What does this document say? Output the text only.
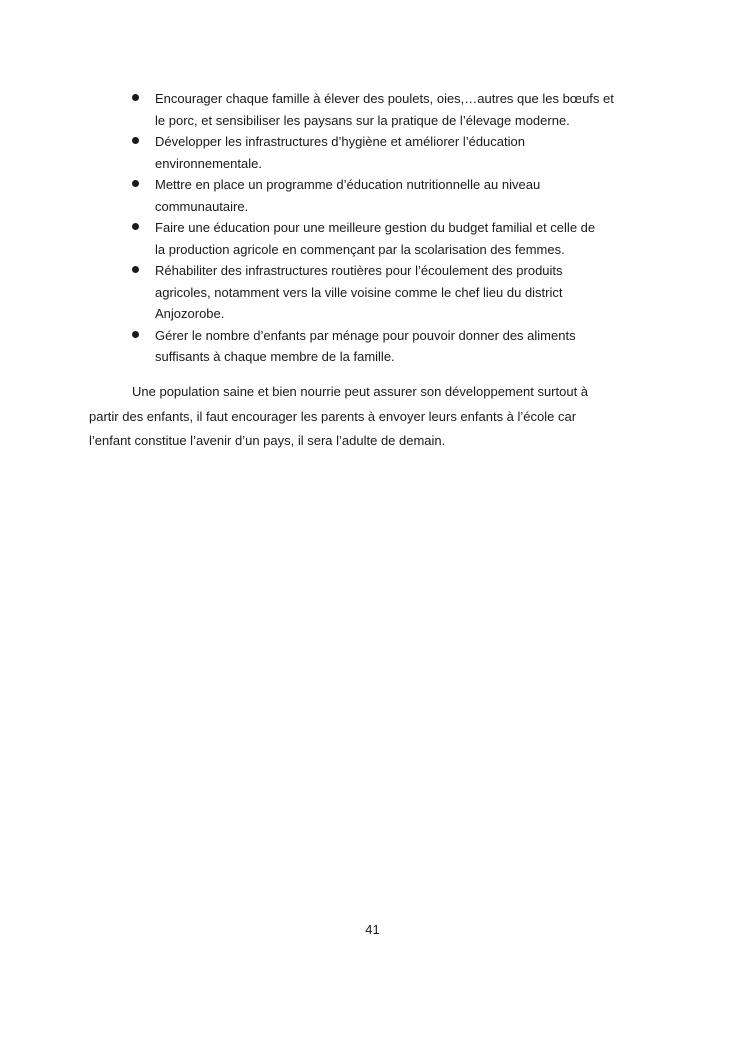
Encourager chaque famille à élever des poulets, oies,…autres que les bœufs et
le porc, et sensibiliser les paysans sur la pratique de l’élevage moderne.
Développer les infrastructures d’hygiène et améliorer l’éducation
environnementale.
Mettre en place un programme d’éducation nutritionnelle au niveau
communautaire.
Faire une éducation pour une meilleure gestion du budget familial et celle de
la production agricole en commençant par la scolarisation des femmes.
Réhabiliter des infrastructures routières pour l’écoulement des produits
agricoles, notamment vers la ville voisine comme le chef lieu du district
Anjozorobe.
Gérer le nombre d’enfants par ménage pour pouvoir donner des aliments
suffisants à chaque membre de la famille.
Une population saine et bien nourrie peut assurer son développement surtout à
partir des enfants, il faut encourager les parents à envoyer leurs enfants à l’école car
l’enfant constitue l’avenir d’un pays, il sera l’adulte de demain.
41
